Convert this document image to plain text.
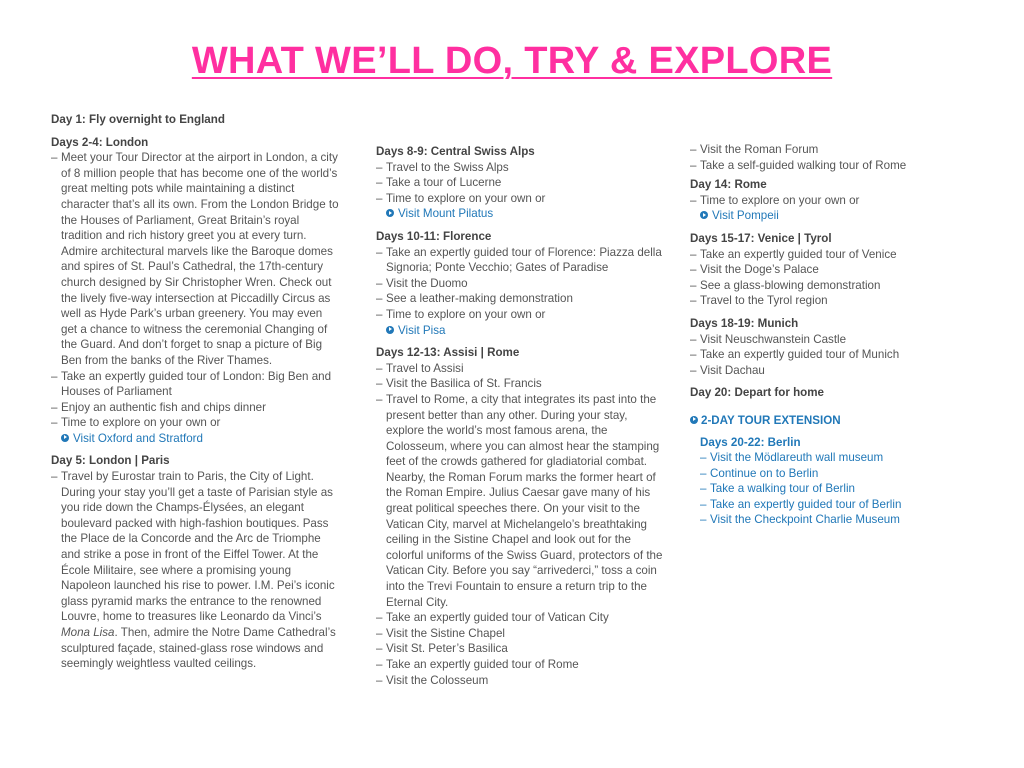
WHAT WE’LL DO, TRY & EXPLORE

Day 1: Fly overnight to England

Days 2-4: London

– Meet your Tour Director at the airport in London, a city of 8 million people that has become one of the world’s great melting pots while maintaining a distinct character that’s all its own. From the London Bridge to the Houses of Parliament, Great Britain’s royal tradition and rich history greet you at every turn. Admire architectural marvels like the Baroque domes and spires of St. Paul’s Cathedral, the 17th-century church designed by Sir Christopher Wren. Check out the lively five-way intersection at Piccadilly Circus as well as Hyde Park’s urban greenery. You may even get a chance to witness the ceremonial Changing of the Guard. And don’t forget to snap a picture of Big Ben from the banks of the River Thames.

– Take an expertly guided tour of London: Big Ben and Houses of Parliament

– Enjoy an authentic fish and chips dinner

– Time to explore on your own or

Visit Oxford and Stratford

Day 5: London | Paris

– Travel by Eurostar train to Paris, the City of Light. During your stay you’ll get a taste of Parisian style as you ride down the Champs-Élysées, an elegant boulevard packed with high-fashion boutiques. Pass the Place de la Concorde and the Arc de Triomphe and strike a pose in front of the Eiffel Tower. At the École Militaire, see where a promising young Napoleon launched his rise to power. I.M. Pei’s iconic glass pyramid marks the entrance to the renowned Louvre, home to treasures like Leonardo da Vinci’s Mona Lisa. Then, admire the Notre Dame Cathedral’s sculptured façade, stained-glass rose windows and seemingly weightless vaulted ceilings.

Days 8-9: Central Swiss Alps

– Travel to the Swiss Alps

– Take a tour of Lucerne

– Time to explore on your own or

Visit Mount Pilatus

Days 10-11: Florence

– Take an expertly guided tour of Florence: Piazza della Signoria; Ponte Vecchio; Gates of Paradise

– Visit the Duomo

– See a leather-making demonstration

– Time to explore on your own or

Visit Pisa

Days 12-13: Assisi | Rome

– Travel to Assisi

– Visit the Basilica of St. Francis

– Travel to Rome, a city that integrates its past into the present better than any other. During your stay, explore the world’s most famous arena, the Colosseum, where you can almost hear the stamping feet of the crowds gathered for gladiatorial combat. Nearby, the Roman Forum marks the former heart of the Roman Empire. Julius Caesar gave many of his great political speeches there. On your visit to the Vatican City, marvel at Michelangelo’s breathtaking ceiling in the Sistine Chapel and look out for the colorful uniforms of the Swiss Guard, protectors of the Vatican City. Before you say “arrivederci,” toss a coin into the Trevi Fountain to ensure a return trip to the Eternal City.

– Take an expertly guided tour of Vatican City

– Visit the Sistine Chapel

– Visit St. Peter’s Basilica

– Take an expertly guided tour of Rome

– Visit the Colosseum

– Visit the Roman Forum

– Take a self-guided walking tour of Rome

Day 14: Rome

– Time to explore on your own or

Visit Pompeii

Days 15-17: Venice | Tyrol

– Take an expertly guided tour of Venice

– Visit the Doge’s Palace

– See a glass-blowing demonstration

– Travel to the Tyrol region

Days 18-19: Munich

– Visit Neuschwanstein Castle

– Take an expertly guided tour of Munich

– Visit Dachau

Day 20: Depart for home

2-DAY TOUR EXTENSION

Days 20-22: Berlin

– Visit the Mödlareuth wall museum

– Continue on to Berlin

– Take a walking tour of Berlin

– Take an expertly guided tour of Berlin

– Visit the Checkpoint Charlie Museum
